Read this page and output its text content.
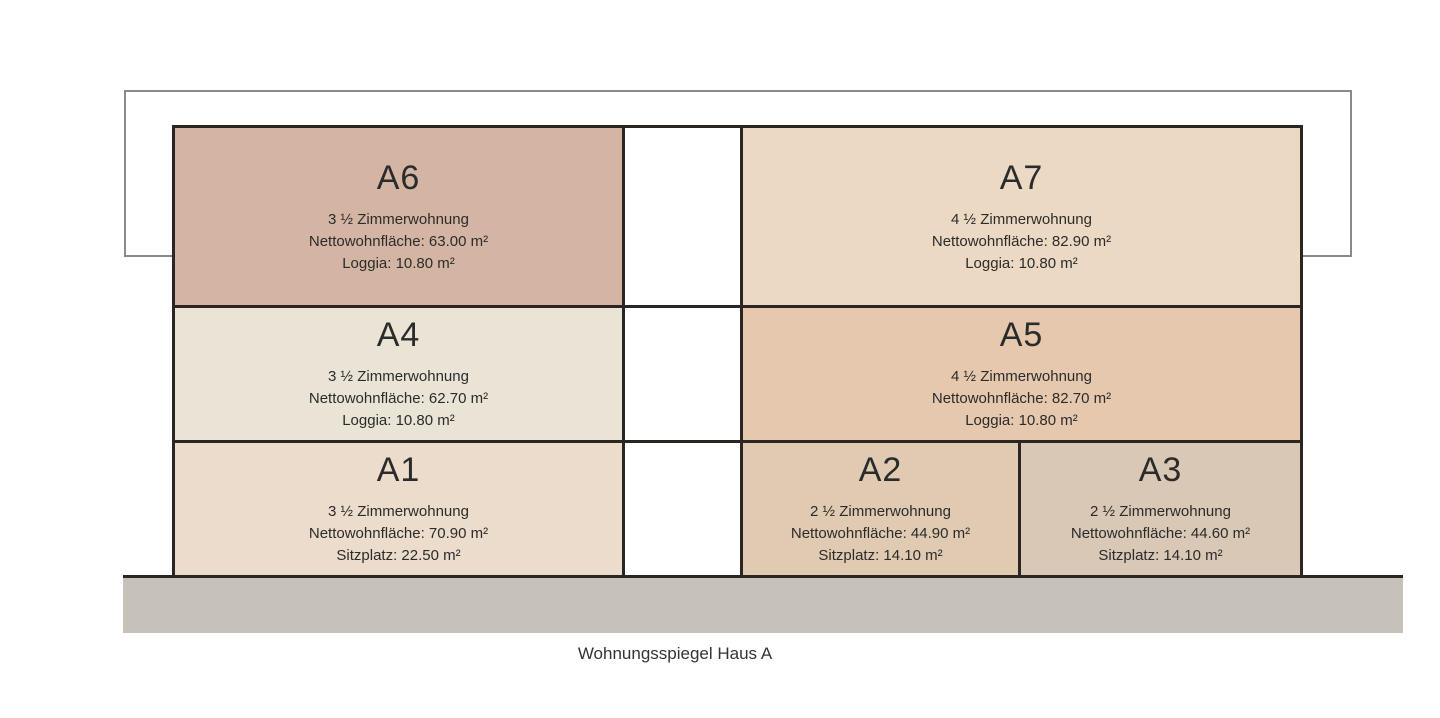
A6
3 ½ Zimmerwohnung
Nettowohnfläche: 63.00 m²
Loggia: 10.80 m²
A7
4 ½ Zimmerwohnung
Nettowohnfläche: 82.90 m²
Loggia: 10.80 m²
A4
3 ½ Zimmerwohnung
Nettowohnfläche: 62.70 m²
Loggia: 10.80 m²
A5
4 ½ Zimmerwohnung
Nettowohnfläche: 82.70 m²
Loggia: 10.80 m²
A1
3 ½ Zimmerwohnung
Nettowohnfläche: 70.90 m²
Sitzplatz: 22.50 m²
A2
2 ½ Zimmerwohnung
Nettowohnfläche: 44.90 m²
Sitzplatz: 14.10 m²
A3
2 ½ Zimmerwohnung
Nettowohnfläche: 44.60 m²
Sitzplatz: 14.10 m²
Wohnungsspiegel Haus A
